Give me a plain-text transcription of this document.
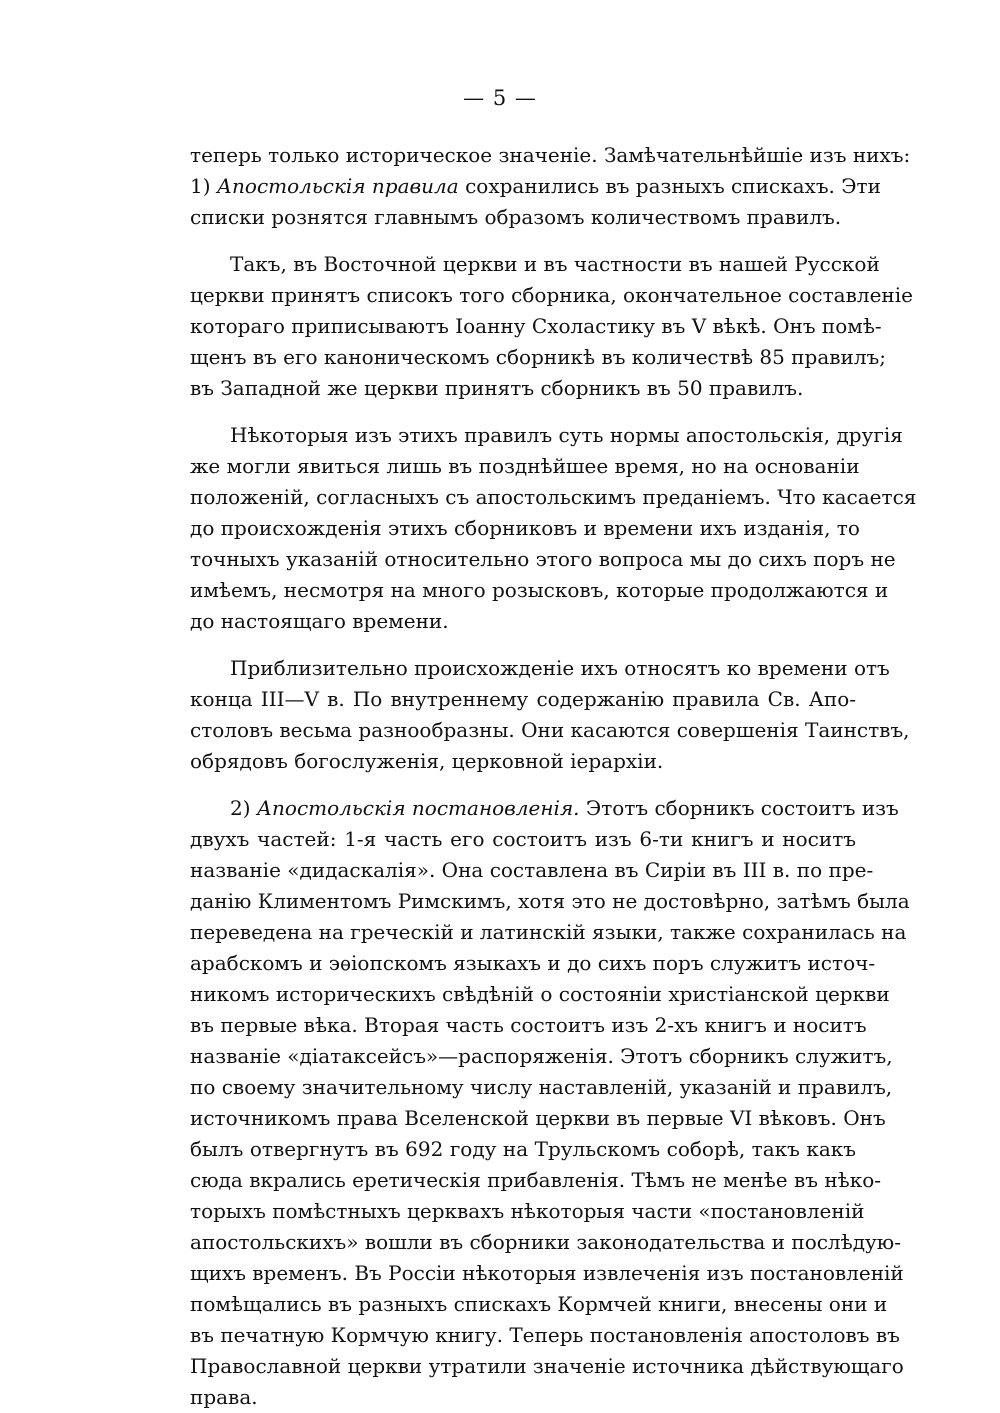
— 5 —
теперь только историческое значенiе. Замѣчательнѣйшiе изъ нихъ:
1) Апостольскiя правила сохранились въ разныхъ спискахъ. Эти
списки рознятся главнымъ образомъ количествомъ правилъ.
Такъ, въ Восточной церкви и въ частности въ нашей Русской
церкви принятъ списокъ того сборника, окончательное составленiе
котораго приписываютъ Iоанну Схоластику въ V вѣкѣ. Онъ помѣ-
щенъ въ его каноническомъ сборникѣ въ количествѣ 85 правилъ;
въ Западной же церкви принятъ сборникъ въ 50 правилъ.
Нѣкоторыя изъ этихъ правилъ суть нормы апостольскiя, другiя
же могли явиться лишь въ позднѣйшее время, но на основанiи
положенiй, согласныхъ съ апостольскимъ преданiемъ. Что касается
до происхожденiя этихъ сборниковъ и времени ихъ изданiя, то
точныхъ указанiй относительно этого вопроса мы до сихъ поръ не
имѣемъ, несмотря на много розысковъ, которые продолжаются и
до настоящаго времени.
Приблизительно происхожденiе ихъ относятъ ко времени отъ
конца III—V в. По внутреннему содержанiю правила Св. Апо-
столовъ весьма разнообразны. Они касаются совершенiя Таинствъ,
обрядовъ богослуженiя, церковной iерархiи.
2) Апостольскiя постановленiя. Этотъ сборникъ состоитъ изъ
двухъ частей: 1-я часть его состоитъ изъ 6-ти книгъ и носитъ
названiе «дидаскалiя». Она составлена въ Сирiи въ III в. по пре-
данiю Климентомъ Римскимъ, хотя это не достовѣрно, затѣмъ была
переведена на греческiй и латинскiй языки, также сохранилась на
арабскомъ и эѳiопскомъ языкахъ и до сихъ поръ служитъ источ-
никомъ историческихъ свѣдѣнiй о состоянiи христiанской церкви
въ первые вѣка. Вторая часть состоитъ изъ 2-хъ книгъ и носитъ
названiе «дiатаксейсъ»—распоряженiя. Этотъ сборникъ служитъ,
по своему значительному числу наставленiй, указанiй и правилъ,
источникомъ права Вселенской церкви въ первые VI вѣковъ. Онъ
былъ отвергнутъ въ 692 году на Трульскомъ соборѣ, такъ какъ
сюда вкрались еретическiя прибавленiя. Тѣмъ не менѣе въ нѣко-
торыхъ помѣстныхъ церквахъ нѣкоторыя части «постановленiй
апостольскихъ» вошли въ сборники законодательства и послѣдую-
щихъ временъ. Въ Россiи нѣкоторыя извлеченiя изъ постановленiй
помѣщались въ разныхъ спискахъ Кормчей книги, внесены они и
въ печатную Кормчую книгу. Теперь постановленiя апостоловъ въ
Православной церкви утратили значенiе источника дѣйствующаго
права.
